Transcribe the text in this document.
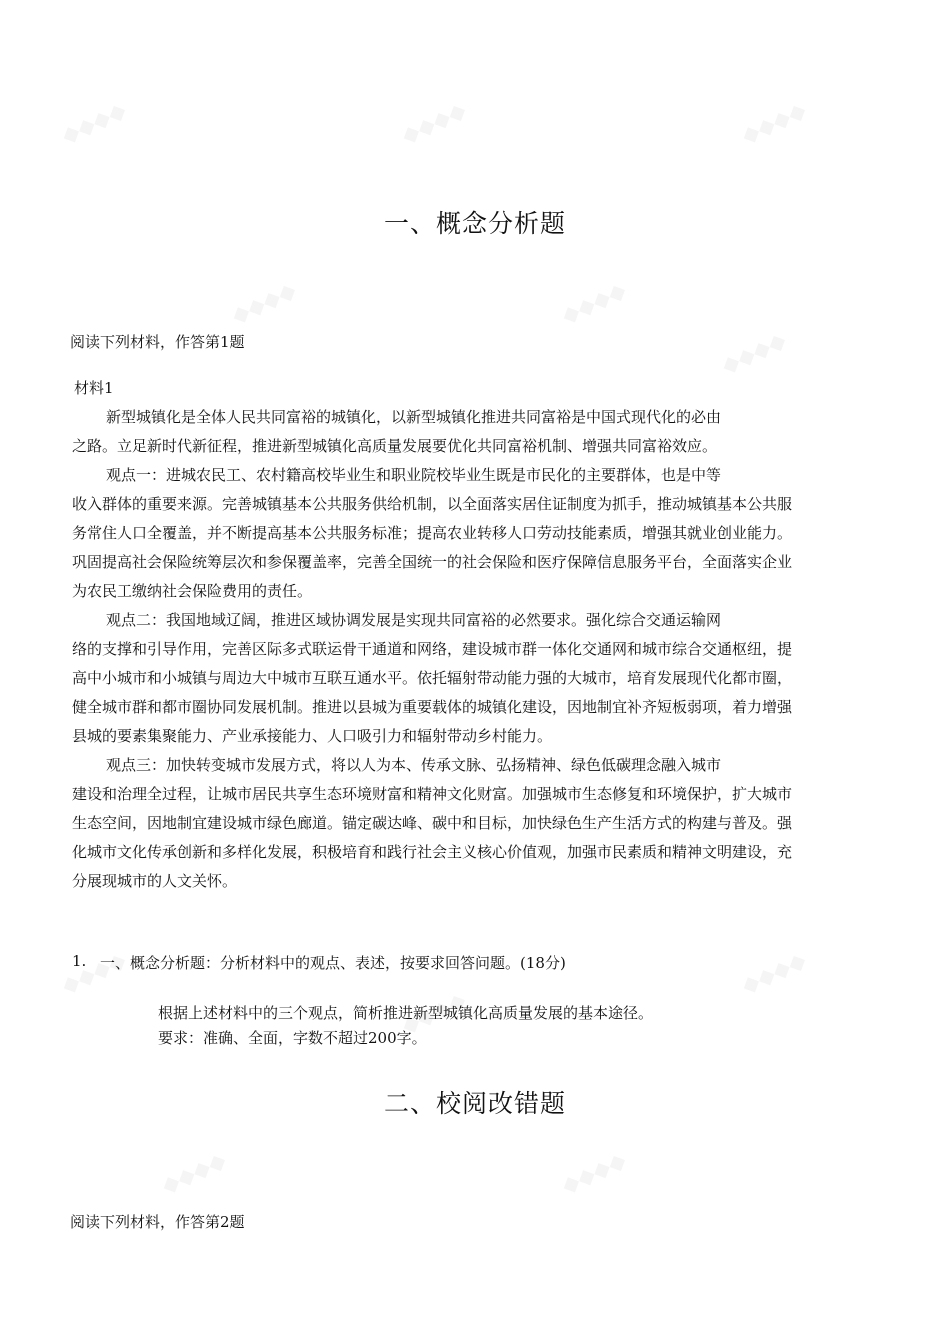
一、概念分析题
阅读下列材料，作答第1题
材料1
新型城镇化是全体人民共同富裕的城镇化，以新型城镇化推进共同富裕是中国式现代化的必由
之路。立足新时代新征程，推进新型城镇化高质量发展要优化共同富裕机制、增强共同富裕效应。
观点一：进城农民工、农村籍高校毕业生和职业院校毕业生既是市民化的主要群体，也是中等
收入群体的重要来源。完善城镇基本公共服务供给机制，以全面落实居住证制度为抓手，推动城镇基本公共服
务常住人口全覆盖，并不断提高基本公共服务标准；提高农业转移人口劳动技能素质，增强其就业创业能力。
巩固提高社会保险统筹层次和参保覆盖率，完善全国统一的社会保险和医疗保障信息服务平台，全面落实企业
为农民工缴纳社会保险费用的责任。
观点二：我国地域辽阔，推进区域协调发展是实现共同富裕的必然要求。强化综合交通运输网
络的支撑和引导作用，完善区际多式联运骨干通道和网络，建设城市群一体化交通网和城市综合交通枢纽，提
高中小城市和小城镇与周边大中城市互联互通水平。依托辐射带动能力强的大城市，培育发展现代化都市圈，
健全城市群和都市圈协同发展机制。推进以县城为重要载体的城镇化建设，因地制宜补齐短板弱项，着力增强
县城的要素集聚能力、产业承接能力、人口吸引力和辐射带动乡村能力。
观点三：加快转变城市发展方式，将以人为本、传承文脉、弘扬精神、绿色低碳理念融入城市
建设和治理全过程，让城市居民共享生态环境财富和精神文化财富。加强城市生态修复和环境保护，扩大城市
生态空间，因地制宜建设城市绿色廊道。锚定碳达峰、碳中和目标，加快绿色生产生活方式的构建与普及。强
化城市文化传承创新和多样化发展，积极培育和践行社会主义核心价值观，加强市民素质和精神文明建设，充
分展现城市的人文关怀。
1. 一、概念分析题：分析材料中的观点、表述，按要求回答问题。(18分)
根据上述材料中的三个观点，简析推进新型城镇化高质量发展的基本途径。
要求：准确、全面，字数不超过200字。
二、校阅改错题
阅读下列材料，作答第2题
